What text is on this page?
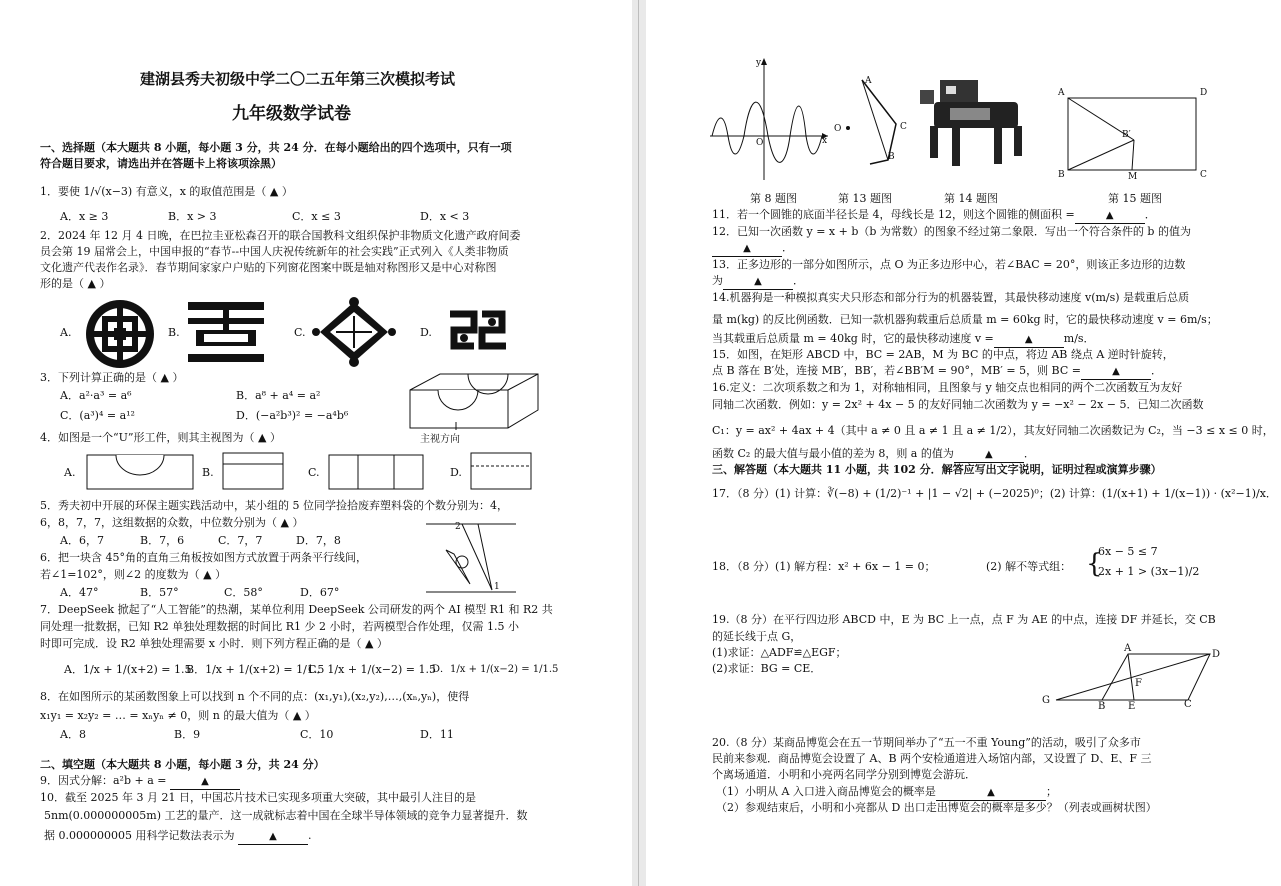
建湖县秀夫初级中学二〇二五年第三次模拟考试
九年级数学试卷
一、选择题（本大题共 8 小题，每小题 3 分，共 24 分．在每小题给出的四个选项中，只有一项
符合题目要求，请选出并在答题卡上将该项涂黑）
1．要使 1/√(x−3) 有意义，x 的取值范围是（ ▲ ）
A．x ≥ 3	B．x > 3	C．x ≤ 3	D．x < 3
2．2024 年 12 月 4 日晚，在巴拉圭亚松森召开的联合国教科文组织保护非物质文化遗产政府间委
员会第 19 届常会上，中国申报的“春节--中国人庆祝传统新年的社会实践”正式列入《人类非物质
文化遗产代表作名录》．春节期间家家户户贴的下列窗花图案中既是轴对称图形又是中心对称图
形的是（ ▲ ）
A.	B.	C.	D.
3．下列计算正确的是（ ▲ ）
A．a²·a³ = a⁶	B．a⁸ + a⁴ = a²
C．(a³)⁴ = a¹²	D．(−a²b³)² = −a⁴b⁶
主视方向
4．如图是一个“U”形工件，则其主视图为（ ▲ ）
A.	B.	C.	D.
5．秀夫初中开展的环保主题实践活动中，某小组的 5 位同学捡拾废弃塑料袋的个数分别为：4，
6，8，7，7，这组数据的众数，中位数分别为（ ▲ ）
A．6，7	B．7，6	C．7，7	D．7，8
6．把一块含 45°角的直角三角板按如图方式放置于两条平行线间，
若∠1=102°，则∠2 的度数为（ ▲ ）
A．47°	B．57°	C．58°	D．67°
2
1
7．DeepSeek 掀起了“人工智能”的热潮，某单位利用 DeepSeek 公司研发的两个 AI 模型 R1 和 R2 共
同处理一批数据，已知 R2 单独处理数据的时间比 R1 少 2 小时，若两模型合作处理，仅需 1.5 小
时即可完成．设 R2 单独处理需要 x 小时．则下列方程正确的是（ ▲ ）
A．1/x + 1/(x+2) = 1.5
B．1/x + 1/(x+2) = 1/1.5
C．1/x + 1/(x−2) = 1.5
D．1/x + 1/(x−2) = 1/1.5
8．在如图所示的某函数图象上可以找到 n 个不同的点：(x₁,y₁),(x₂,y₂),…,(xₙ,yₙ)，使得
x₁y₁ = x₂y₂ = … = xₙyₙ ≠ 0，则 n 的最大值为（ ▲ ）
A．8	B．9	C．10	D．11
二、填空题（本大题共 8 小题，每小题 3 分，共 24 分）
9．因式分解：a²b + a =	▲
10．截至 2025 年 3 月 21 日，中国芯片技术已实现多项重大突破，其中最引人注目的是
5nm(0.000000005m) 工艺的量产．这一成就标志着中国在全球半导体领域的竞争力显著提升．数
据 0.000000005 用科学记数法表示为	▲	.
y
O	x
A
O	C
B
A	D
B′
B	M	C
第 8 题图	第 13 题图	第 14 题图	第 15 题图
11．若一个圆锥的底面半径长是 4，母线长是 12，则这个圆锥的侧面积 =	▲	．
12．已知一次函数 y = x + b（b 为常数）的图象不经过第二象限．写出一个符合条件的 b 的值为
▲	．
13．正多边形的一部分如图所示，点 O 为正多边形中心，若∠BAC = 20°，则该正多边形的边数
为	▲	．
14.机器狗是一种模拟真实犬只形态和部分行为的机器装置，其最快移动速度 v(m/s) 是载重后总质
量 m(kg) 的反比例函数．已知一款机器狗载重后总质量 m = 60kg 时，它的最快移动速度 v = 6m/s；
当其载重后总质量 m = 40kg 时，它的最快移动速度 v =	▲	m/s．
15．如图，在矩形 ABCD 中，BC = 2AB，M 为 BC 的中点，将边 AB 绕点 A 逆时针旋转，
点 B 落在 B′处，连接 MB′，BB′，若∠BB′M = 90°，MB′ = 5，则 BC =	▲	．
16.定义：二次项系数之和为 1，对称轴相同，且图象与 y 轴交点也相同的两个二次函数互为友好
同轴二次函数．例如：y = 2x² + 4x − 5 的友好同轴二次函数为 y = −x² − 2x − 5．已知二次函数
C₁：y = ax² + 4ax + 4（其中 a ≠ 0 且 a ≠ 1 且 a ≠ 1/2），其友好同轴二次函数记为 C₂，当 −3 ≤ x ≤ 0 时，
函数 C₂ 的最大值与最小值的差为 8，则 a 的值为	▲	．
三、解答题（本大题共 11 小题，共 102 分．解答应写出文字说明，证明过程或演算步骤）
17．（8 分）(1) 计算：∛(−8) + (1/2)⁻¹ + |1 − √2| + (−2025)⁰；(2) 计算：(1/(x+1) + 1/(x−1)) · (x²−1)/x．
18．（8 分）(1) 解方程：x² + 6x − 1 = 0；	(2) 解不等式组： {
6x − 5 ≤ 7
2x + 1 > (3x−1)/2
19.（8 分）在平行四边形 ABCD 中，E 为 BC 上一点，点 F 为 AE 的中点，连接 DF 并延长，交 CB
的延长线于点 G，
(1)求证：△ADF≌△EGF；
(2)求证：BG = CE．
A
D
F
G
B E	C
20.（8 分）某商品博览会在五一节期间举办了“五一不重 Young”的活动，吸引了众多市
民前来参观．商品博览会设置了 A、B 两个安检通道进入场馆内部，又设置了 D、E、F 三
个离场通道．小明和小亮两名同学分别到博览会游玩．
（1）小明从 A 入口进入商品博览会的概率是	▲	；
（2）参观结束后，小明和小亮都从 D 出口走出博览会的概率是多少？（列表或画树状图）
